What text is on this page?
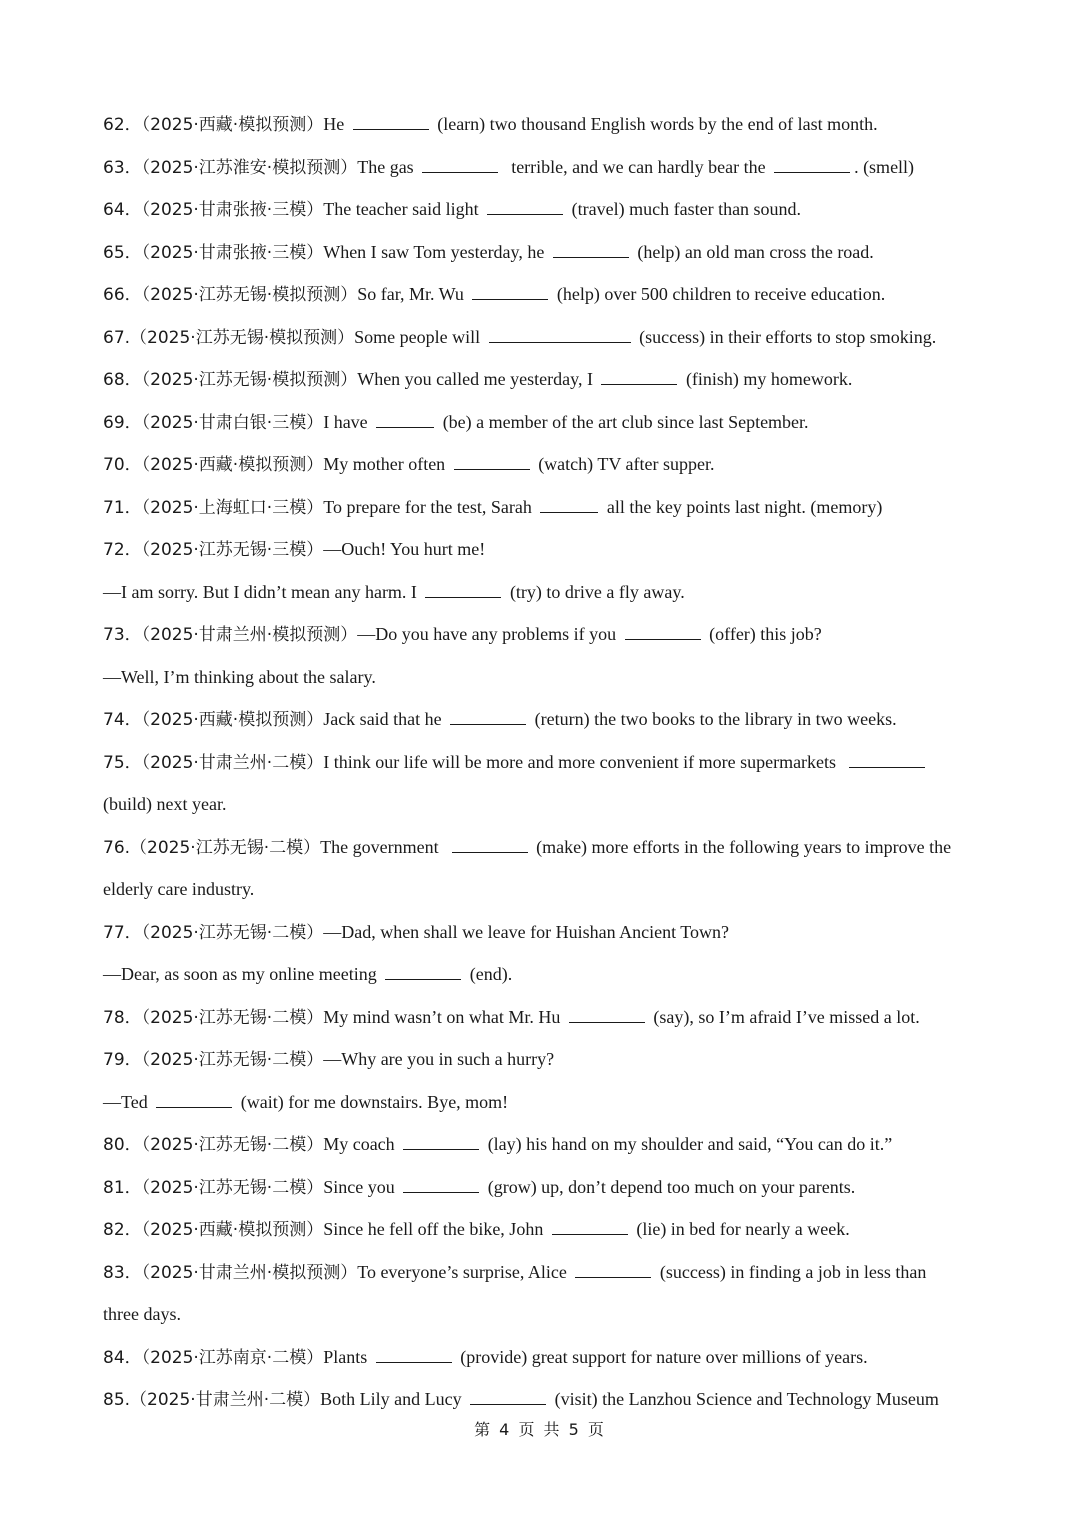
62．（2025·西藏·模拟预测）He	(learn) two thousand English words by the end of last month.
63．（2025·江苏淮安·模拟预测）The gas	terrible, and we can hardly bear the	. (smell)
64．（2025·甘肃张掖·三模）The teacher said light	(travel) much faster than sound.
65．（2025·甘肃张掖·三模）When I saw Tom yesterday, he	(help) an old man cross the road.
66．（2025·江苏无锡·模拟预测）So far, Mr. Wu	(help) over 500 children to receive education.
67.（2025·江苏无锡·模拟预测）Some people will	(success) in their efforts to stop smoking.
68．（2025·江苏无锡·模拟预测）When you called me yesterday, I	(finish) my homework.
69．（2025·甘肃白银·三模）I have	(be) a member of the art club since last September.
70．（2025·西藏·模拟预测）My mother often	(watch) TV after supper.
71．（2025·上海虹口·三模）To prepare for the test, Sarah	all the key points last night. (memory)
72．（2025·江苏无锡·三模）—Ouch! You hurt me!
—I am sorry. But I didn’t mean any harm. I	(try) to drive a fly away.
73．（2025·甘肃兰州·模拟预测）—Do you have any problems if you	(offer) this job?
—Well, I’m thinking about the salary.
74．（2025·西藏·模拟预测）Jack said that he	(return) the two books to the library in two weeks.
75．（2025·甘肃兰州·二模）I think our life will be more and more convenient if more supermarkets
(build) next year.
76.（2025·江苏无锡·二模）The government	(make) more efforts in the following years to improve the
elderly care industry.
77．（2025·江苏无锡·二模）—Dad, when shall we leave for Huishan Ancient Town?
—Dear, as soon as my online meeting	(end).
78．（2025·江苏无锡·二模）My mind wasn’t on what Mr. Hu	(say), so I’m afraid I’ve missed a lot.
79．（2025·江苏无锡·二模）—Why are you in such a hurry?
—Ted	(wait) for me downstairs. Bye, mom!
80．（2025·江苏无锡·二模）My coach	(lay) his hand on my shoulder and said, “You can do it.”
81．（2025·江苏无锡·二模）Since you	(grow) up, don’t depend too much on your parents.
82．（2025·西藏·模拟预测）Since he fell off the bike, John	(lie) in bed for nearly a week.
83．（2025·甘肃兰州·模拟预测）To everyone’s surprise, Alice	(success) in finding a job in less than
three days.
84．（2025·江苏南京·二模）Plants	(provide) great support for nature over millions of years.
85.（2025·甘肃兰州·二模）Both Lily and Lucy	(visit) the Lanzhou Science and Technology Museum
第 4 页 共 5 页
